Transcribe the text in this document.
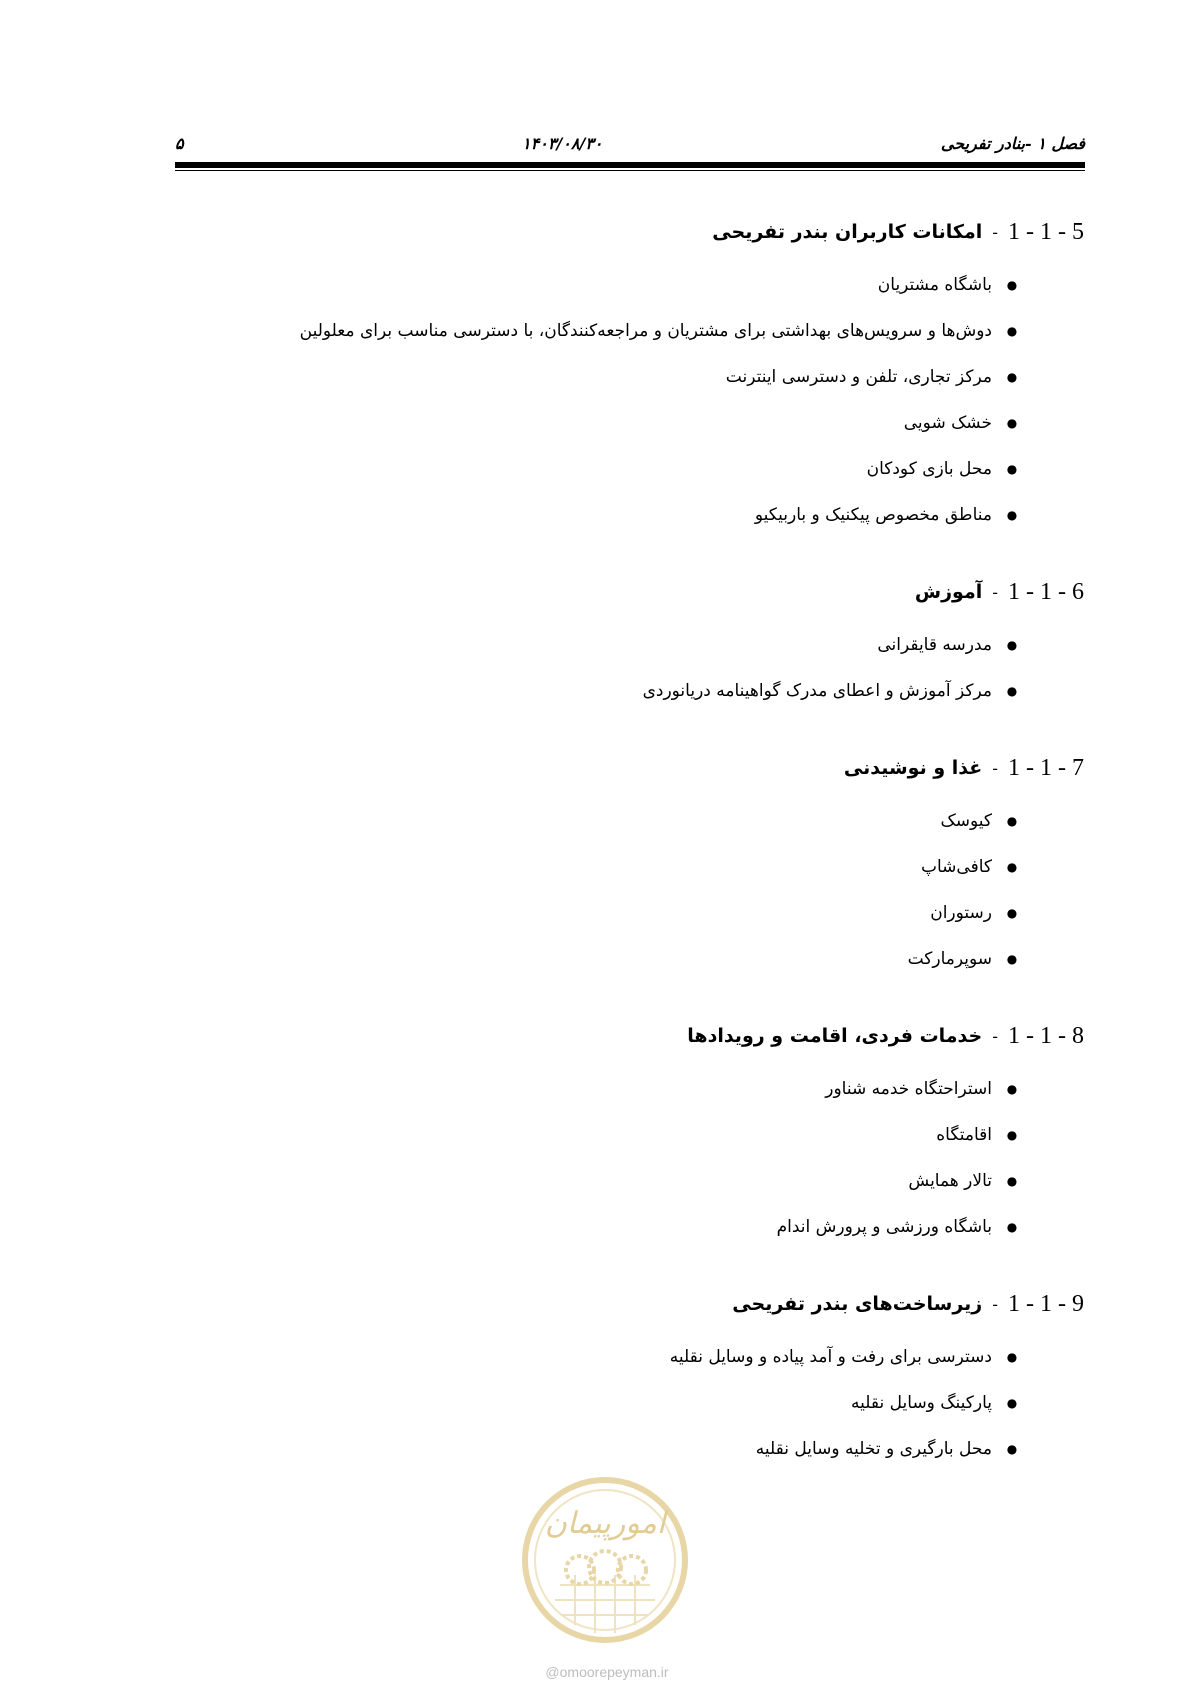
فصل ۱ -بنادر تفریحی
۱۴۰۳/۰۸/۳۰
۵
1 - 1 - 5
-
امکانات کاربران بندر تفریحی
●
باشگاه مشتریان
●
دوش‌ها و سرویس‌های بهداشتی برای مشتریان و مراجعه‌کنندگان، با دسترسی مناسب برای معلولین
●
مرکز تجاری، تلفن و دسترسی اینترنت
●
خشک شویی
●
محل بازی کودکان
●
مناطق مخصوص پیکنیک و باربیکیو
1 - 1 - 6
-
آموزش
●
مدرسه قایقرانی
●
مرکز آموزش و اعطای مدرک گواهینامه دریانوردی
1 - 1 - 7
-
غذا و نوشیدنی
●
کیوسک
●
کافی‌شاپ
●
رستوران
●
سوپرمارکت
1 - 1 - 8
-
خدمات فردی، اقامت و رویدادها
●
استراحتگاه خدمه شناور
●
اقامتگاه
●
تالار همایش
●
باشگاه ورزشی و پرورش اندام
1 - 1 - 9
-
زیرساخت‌های بندر تفریحی
●
دسترسی برای رفت و آمد پیاده و وسایل نقلیه
●
پارکینگ وسایل نقلیه
●
محل بارگیری و تخلیه وسایل نقلیه
امورپیمان
@omoorepeyman.ir
